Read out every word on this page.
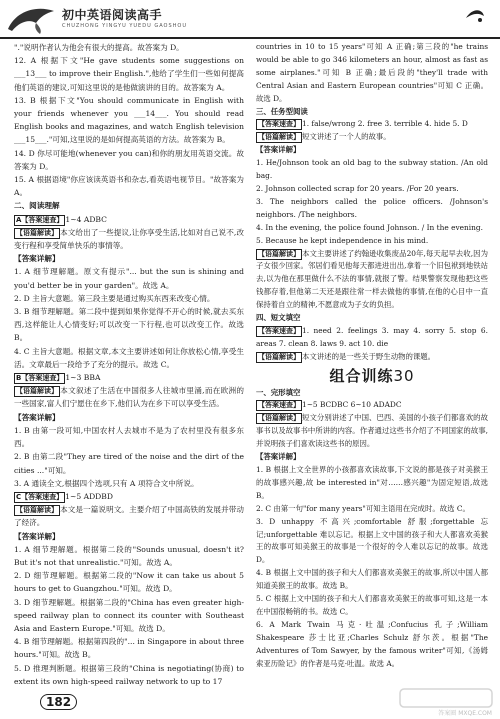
初中英语阅读高手
CHUZHONG YINGYU YUEDU GAOSHOU

"."说明作者认为他会有很大的提高。故答案为 D。

12. A 根据下文"He gave students some suggestions on ___13___ to improve their English.",他给了学生们一些如何提高他们英语的建议,可知这里说的是他做演讲的目的。故答案为 A。

13. B 根据下文"You should communicate in English with your friends whenever you ___14___. You should read English books and magazines, and watch English television ___15___."可知,这里说的是如何提高英语的方法。故答案为 B。

14. D 你尽可能地(whenever you can)和你的朋友用英语交流。故答案为 D。

15. A 根据语境"你应该读英语书和杂志,看英语电视节目。"故答案为 A。

二、阅读理解

A【答案速查】 1~4 ADBC

【语篇解读】 本文给出了一些提议,让你享受生活,比如对自己说不,改变行程和享受简单快乐的事情等。

【答案详解】

1. A 细节理解题。原文有提示"... but the sun is shining and you'd better be in your garden"。故选 A。

2. D 主旨大意题。第三段主要是通过购买东西来改变心情。

3. B 细节理解题。第二段中提到如果你觉得不开心的时候,就去买东西,这样能让人心情变好;可以改变一下行程,也可以改变工作。故选 B。

4. C 主旨大意题。根据文章,本文主要讲述如何让你放松心情,享受生活。文章最后一段给予了充分的提示。故选 C。

B【答案速查】 1~3 BBA

【语篇解读】 本文叙述了生活在中国很多人往城市里涌,而在欧洲的一些国家,富人们宁愿住在乡下,他们认为在乡下可以享受生活。

【答案详解】

1. B 由第一段可知,中国农村人去城市不是为了农村里没有很多东西。

2. B 由第二段"They are tired of the noise and the dirt of the cities ..."可知。

3. A 通读全文,根据四个选项,只有 A 项符合文中所说。

C【答案速查】 1~5 ADDBD

【语篇解读】 本文是一篇说明文。主要介绍了中国高铁的发展并带动了经济。

【答案详解】

1. A 细节理解题。根据第二段的"Sounds unusual, doesn't it? But it's not that unrealistic."可知。故选 A。

2. D 细节理解题。根据第二段的"Now it can take us about 5 hours to get to Guangzhou."可知。故选 D。

3. D 细节理解题。根据第二段的"China has even greater high-speed railway plan to connect its counter with Southeast Asia and Eastern Europe."可知。故选 D。

4. B 细节理解题。根据第四段的"... in Singapore in about three hours."可知。故选 B。

5. D 推理判断题。根据第三段的"China is negotiating(协商) to extent its own high-speed railway network to up to 17

countries in 10 to 15 years"可知 A 正确;第三段的"he trains would be able to go 346 kilometers an hour, almost as fast as some airplanes."可知 B 正确;最后段的"they'll trade with Central Asian and Eastern European countries"可知 C 正确。故选 D。

三、任务型阅读

【答案速查】 1. false/wrong 2. free 3. terrible 4. hide 5. D

【语篇解读】 短文讲述了一个人的故事。

【答案详解】

1. He/Johnson took an old bag to the subway station. /An old bag.

2. Johnson collected scrap for 20 years. /For 20 years.

3. The neighbors called the police officers. /Johnson's neighbors. /The neighbors.

4. In the evening, the police found Johnson. / In the evening.

5. Because he kept independence in his mind.

【语篇解读】 本文主要讲述了约翰逊收集废品20年,每天起早去收,因为子女很少回家。邻居们看见他每天都进进出出,拿着一个旧包袱到地铁站去,以为他在那里做什么不法的事情,就报了警。结果警察发现他把这些钱都存着,但他第二天还是跟往常一样去做他的事情,在他的心目中一直保持着自立的精神,不愿意成为子女的负担。

四、短文填空

【答案速查】 1. need 2. feelings 3. may 4. sorry 5. stop 6. areas 7. clean 8. laws 9. act 10. die

【语篇解读】 本文讲述的是一些关于野生动物的课题。

组合训练30

一、完形填空

【答案速查】 1~5 BCDBC 6~10 ADADC

【语篇解读】 短文分别讲述了中国、巴西、美国的小孩子们都喜欢的故事书以及故事书中所讲的内容。作者通过这些书介绍了不同国家的故事,并说明孩子们喜欢读这些书的原因。

【答案详解】

1. B 根据上文全世界的小孩都喜欢读故事,下文说的都是孩子对美猴王的故事感兴趣,故 be interested in"对……感兴趣"为固定短语,故选 B。

2. C 由第一句"for many years"可知主语用在完成时。故选 C。

3. D unhappy 不高兴;comfortable 舒服;forgettable 忘记;unforgettable 难以忘记。根据上文中国的孩子和大人都喜欢美猴王的故事可知美猴王的故事是一个很好的令人难以忘记的故事。故选 D。

4. B 根据上文中国的孩子和大人们都喜欢美猴王的故事,所以中国人都知道美猴王的故事。故选 B。

5. C 根据上文中国的孩子和大人们都喜欢美猴王的故事可知,这是一本在中国很畅销的书。故选 C。

6. A Mark Twain 马克·吐温;Confucius 孔子;William Shakespeare 莎士比亚;Charles Schulz 舒尔茨。根据"The Adventures of Tom Sawyer, by the famous writer"可知,《汤姆索亚历险记》的作者是马克·吐温。故选 A。

182
答案圈 MXQE.COM
